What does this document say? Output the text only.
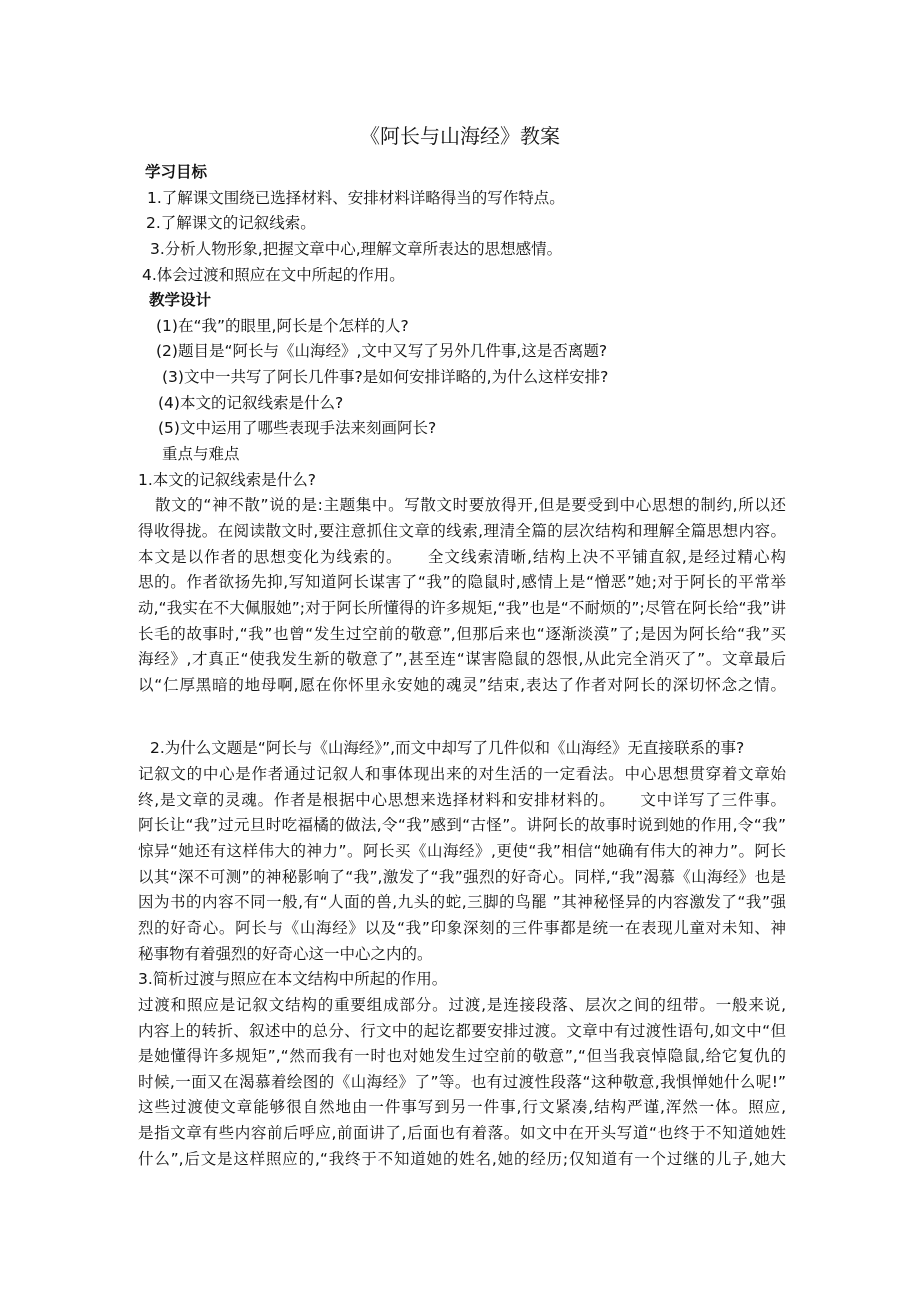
《阿长与山海经》教案
学习目标
1.了解课文围绕已选择材料、安排材料详略得当的写作特点。
2.了解课文的记叙线索。
3.分析人物形象,把握文章中心,理解文章所表达的思想感情。
4.体会过渡和照应在文中所起的作用。
教学设计
(1)在“我”的眼里,阿长是个怎样的人?
(2)题目是“阿长与《山海经》,文中又写了另外几件事,这是否离题?
(3)文中一共写了阿长几件事?是如何安排详略的,为什么这样安排?
(4)本文的记叙线索是什么?
(5)文中运用了哪些表现手法来刻画阿长?
重点与难点
1.本文的记叙线索是什么?
散文的“神不散”说的是:主题集中。写散文时要放得开,但是要受到中心思想的制约,所以还
得收得拢。在阅读散文时,要注意抓住文章的线索,理清全篇的层次结构和理解全篇思想内容。
本文是以作者的思想变化为线索的。　　全文线索清晰,结构上决不平铺直叙,是经过精心构
思的。作者欲扬先抑,写知道阿长谋害了“我”的隐鼠时,感情上是“憎恶”她;对于阿长的平常举
动,“我实在不大佩服她”;对于阿长所懂得的许多规矩,“我”也是“不耐烦的”;尽管在阿长给“我”讲
长毛的故事时,“我”也曾“发生过空前的敬意”,但那后来也“逐渐淡漠”了;是因为阿长给“我”买
海经》,才真正“使我发生新的敬意了”,甚至连“谋害隐鼠的怨恨,从此完全消灭了”。文章最后
以“仁厚黑暗的地母啊,愿在你怀里永安她的魂灵”结束,表达了作者对阿长的深切怀念之情。
2.为什么文题是“阿长与《山海经》”,而文中却写了几件似和《山海经》无直接联系的事?
记叙文的中心是作者通过记叙人和事体现出来的对生活的一定看法。中心思想贯穿着文章始
终,是文章的灵魂。作者是根据中心思想来选择材料和安排材料的。　　文中详写了三件事。
阿长让“我”过元旦时吃福橘的做法,令“我”感到“古怪”。讲阿长的故事时说到她的作用,令“我”
惊异“她还有这样伟大的神力”。阿长买《山海经》,更使“我”相信“她确有伟大的神力”。阿长
以其“深不可测”的神秘影响了“我”,激发了“我”强烈的好奇心。同样,“我”渴慕《山海经》也是
因为书的内容不同一般,有“人面的兽,九头的蛇,三脚的鸟罷 ”其神秘怪异的内容激发了“我”强
烈的好奇心。阿长与《山海经》以及“我”印象深刻的三件事都是统一在表现儿童对未知、神
秘事物有着强烈的好奇心这一中心之内的。
3.简析过渡与照应在本文结构中所起的作用。
过渡和照应是记叙文结构的重要组成部分。过渡,是连接段落、层次之间的纽带。一般来说,
内容上的转折、叙述中的总分、行文中的起讫都要安排过渡。文章中有过渡性语句,如文中“但
是她懂得许多规矩”,“然而我有一时也对她发生过空前的敬意”,“但当我哀悼隐鼠,给它复仇的
时候,一面又在渴慕着绘图的《山海经》了”等。也有过渡性段落“这种敬意,我惧惮她什么呢!”
这些过渡使文章能够很自然地由一件事写到另一件事,行文紧凑,结构严谨,浑然一体。照应,
是指文章有些内容前后呼应,前面讲了,后面也有着落。如文中在开头写道“也终于不知道她姓
什么”,后文是这样照应的,“我终于不知道她的姓名,她的经历;仅知道有一个过继的儿子,她大
